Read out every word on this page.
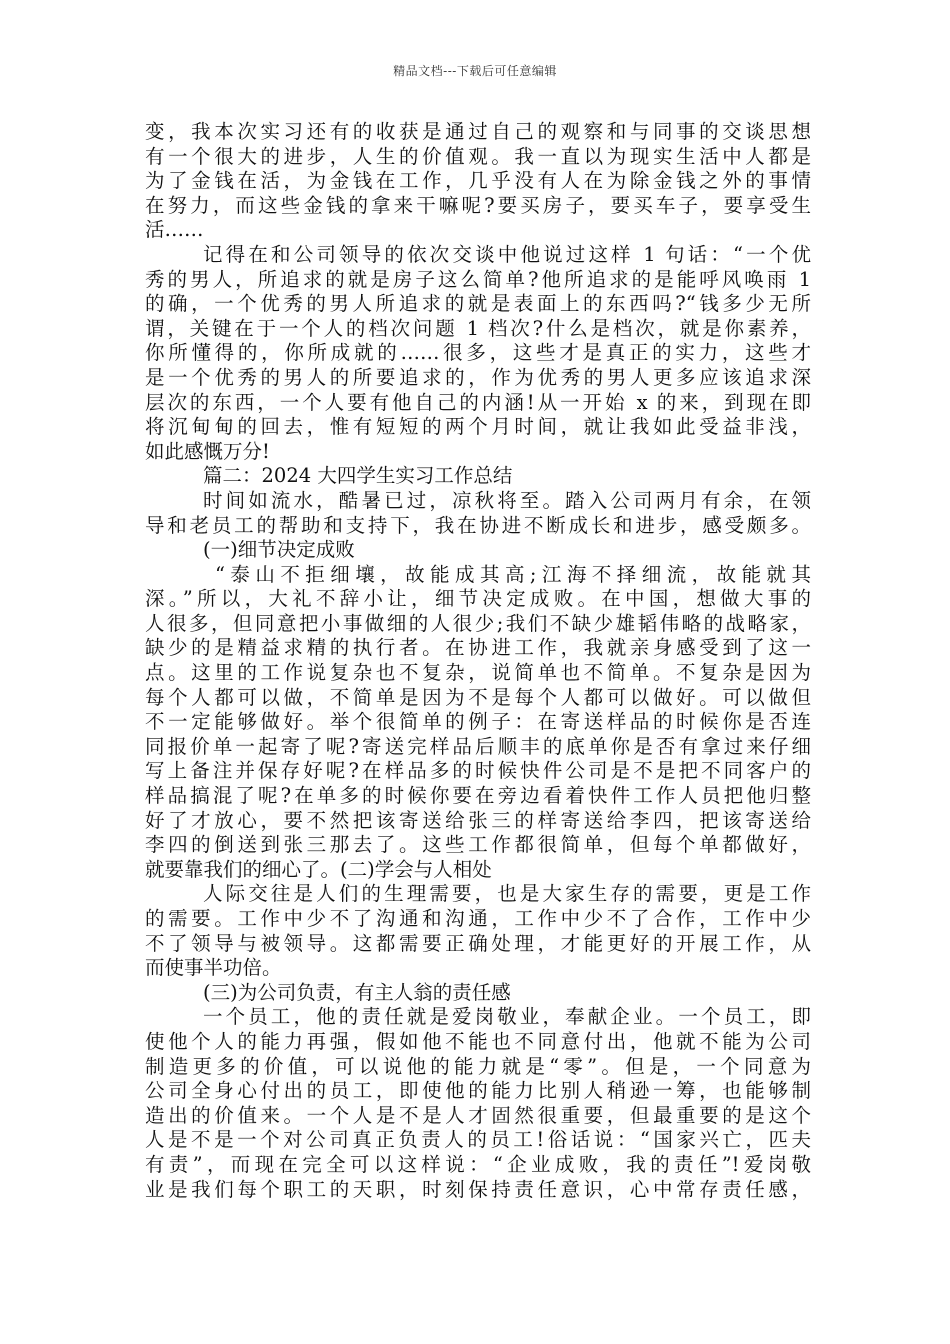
精品文档---下载后可任意编辑
变，我本次实习还有的收获是通过自己的观察和与同事的交谈思想
有一个很大的进步，人生的价值观。我一直以为现实生活中人都是
为了金钱在活，为金钱在工作，几乎没有人在为除金钱之外的事情
在努力，而这些金钱的拿来干嘛呢?要买房子，要买车子，要享受生
活……
记得在和公司领导的依次交谈中他说过这样 1 句话：“一个优
秀的男人，所追求的就是房子这么简单?他所追求的是能呼风唤雨 1
的确，一个优秀的男人所追求的就是表面上的东西吗?“钱多少无所
谓，关键在于一个人的档次问题 1 档次?什么是档次，就是你素养，
你所懂得的，你所成就的……很多，这些才是真正的实力，这些才
是一个优秀的男人的所要追求的，作为优秀的男人更多应该追求深
层次的东西，一个人要有他自己的内涵!从一开始 x 的来，到现在即
将沉甸甸的回去，惟有短短的两个月时间，就让我如此受益非浅，
如此感慨万分!
篇二：2024 大四学生实习工作总结
时间如流水，酷暑已过，凉秋将至。踏入公司两月有余，在领
导和老员工的帮助和支持下，我在协进不断成长和进步，感受颇多。
(一)细节决定成败
“泰山不拒细壤，故能成其高;江海不择细流，故能就其
深。”所以，大礼不辞小让，细节决定成败。在中国，想做大事的
人很多，但同意把小事做细的人很少;我们不缺少雄韬伟略的战略家，
缺少的是精益求精的执行者。在协进工作，我就亲身感受到了这一
点。这里的工作说复杂也不复杂，说简单也不简单。不复杂是因为
每个人都可以做，不简单是因为不是每个人都可以做好。可以做但
不一定能够做好。举个很简单的例子：在寄送样品的时候你是否连
同报价单一起寄了呢?寄送完样品后顺丰的底单你是否有拿过来仔细
写上备注并保存好呢?在样品多的时候快件公司是不是把不同客户的
样品搞混了呢?在单多的时候你要在旁边看着快件工作人员把他归整
好了才放心，要不然把该寄送给张三的样寄送给李四，把该寄送给
李四的倒送到张三那去了。这些工作都很简单，但每个单都做好，
就要靠我们的细心了。(二)学会与人相处
人际交往是人们的生理需要，也是大家生存的需要，更是工作
的需要。工作中少不了沟通和沟通，工作中少不了合作，工作中少
不了领导与被领导。这都需要正确处理，才能更好的开展工作，从
而使事半功倍。
(三)为公司负责，有主人翁的责任感
一个员工，他的责任就是爱岗敬业，奉献企业。一个员工，即
使他个人的能力再强，假如他不能也不同意付出，他就不能为公司
制造更多的价值，可以说他的能力就是“零”。但是，一个同意为
公司全身心付出的员工，即使他的能力比别人稍逊一筹，也能够制
造出的价值来。一个人是不是人才固然很重要，但最重要的是这个
人是不是一个对公司真正负责人的员工!俗话说：“国家兴亡，匹夫
有责”，而现在完全可以这样说：“企业成败，我的责任”!爱岗敬
业是我们每个职工的天职，时刻保持责任意识，心中常存责任感，
